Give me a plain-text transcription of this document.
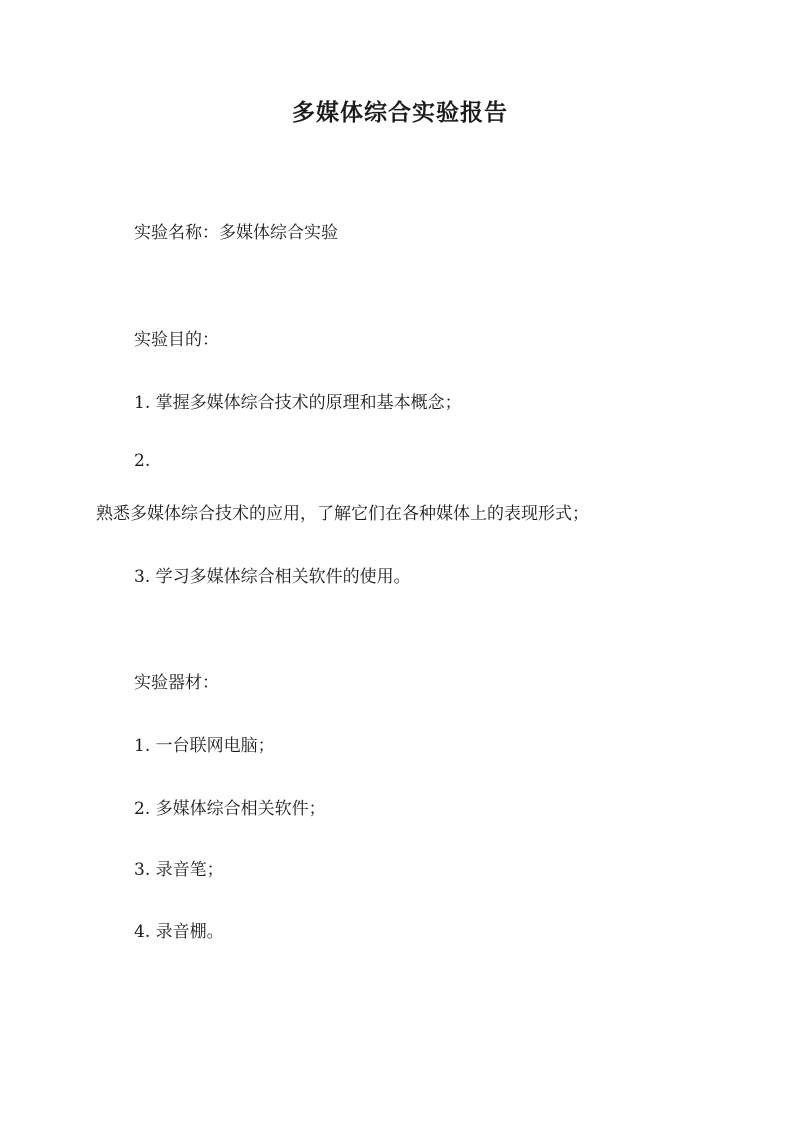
多媒体综合实验报告
实验名称：多媒体综合实验
实验目的：
1. 掌握多媒体综合技术的原理和基本概念；
2.
熟悉多媒体综合技术的应用，了解它们在各种媒体上的表现形式；
3. 学习多媒体综合相关软件的使用。
实验器材：
1. 一台联网电脑；
2. 多媒体综合相关软件；
3. 录音笔；
4. 录音棚。
